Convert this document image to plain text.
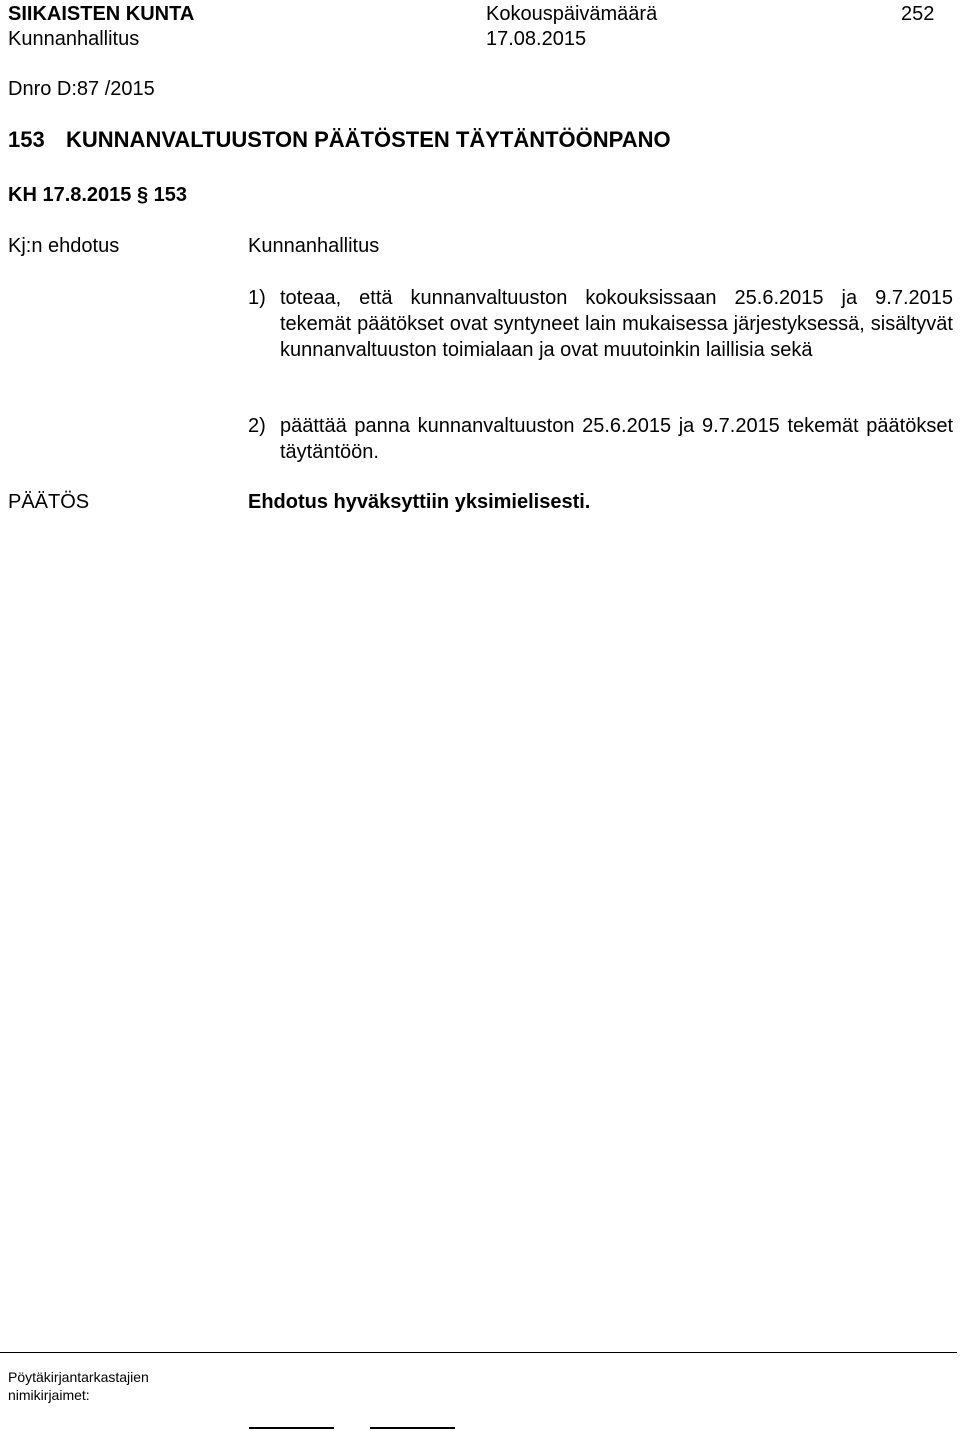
SIIKAISTEN KUNTA	Kokouspäivämäärä	252
Kunnanhallitus	17.08.2015
Dnro D:87 /2015
153 KUNNANVALTUUSTON PÄÄTÖSTEN TÄYTÄNTÖÖNPANO
KH 17.8.2015 § 153
Kj:n ehdotus	Kunnanhallitus
1) toteaa, että kunnanvaltuuston kokouksissaan 25.6.2015 ja 9.7.2015 tekemät päätökset ovat syntyneet lain mukaisessa järjestyksessä, sisältyvät kunnanvaltuuston toimialaan ja ovat muutoinkin laillisia sekä
2) päättää panna kunnanvaltuuston 25.6.2015 ja 9.7.2015 tekemät päätökset täytäntöön.
PÄÄTÖS	Ehdotus hyväksyttiin yksimielisesti.
Pöytäkirjantarkastajien
nimikirjaimet:
